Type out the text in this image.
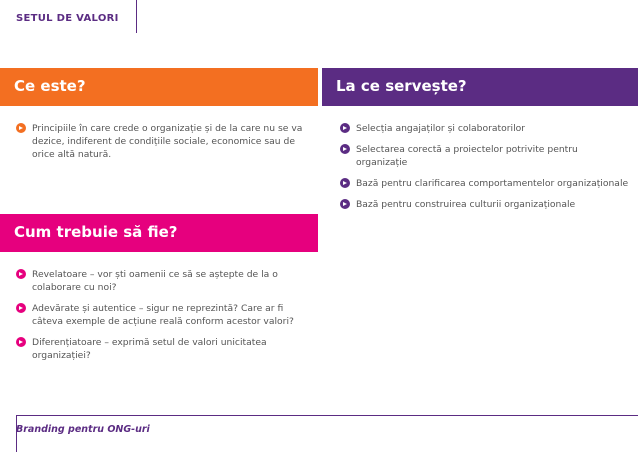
SETUL DE VALORI
Ce este?
Principiile în care crede o organizație și de la care nu se va dezice, indiferent de condițiile sociale, economice sau de orice altă natură.
La ce servește?
Selecția angajaților și colaboratorilor
Selectarea corectă a proiectelor potrivite pentru organizație
Bază pentru clarificarea comportamentelor organizaționale
Bază pentru construirea culturii organizaționale
Cum trebuie să fie?
Revelatoare – vor ști oamenii ce să se aștepte de la o colaborare cu noi?
Adevărate și autentice – sigur ne reprezintă? Care ar fi câteva exemple de acțiune reală conform acestor valori?
Diferențiatoare – exprimă setul de valori unicitatea organizației?
Branding pentru ONG-uri
